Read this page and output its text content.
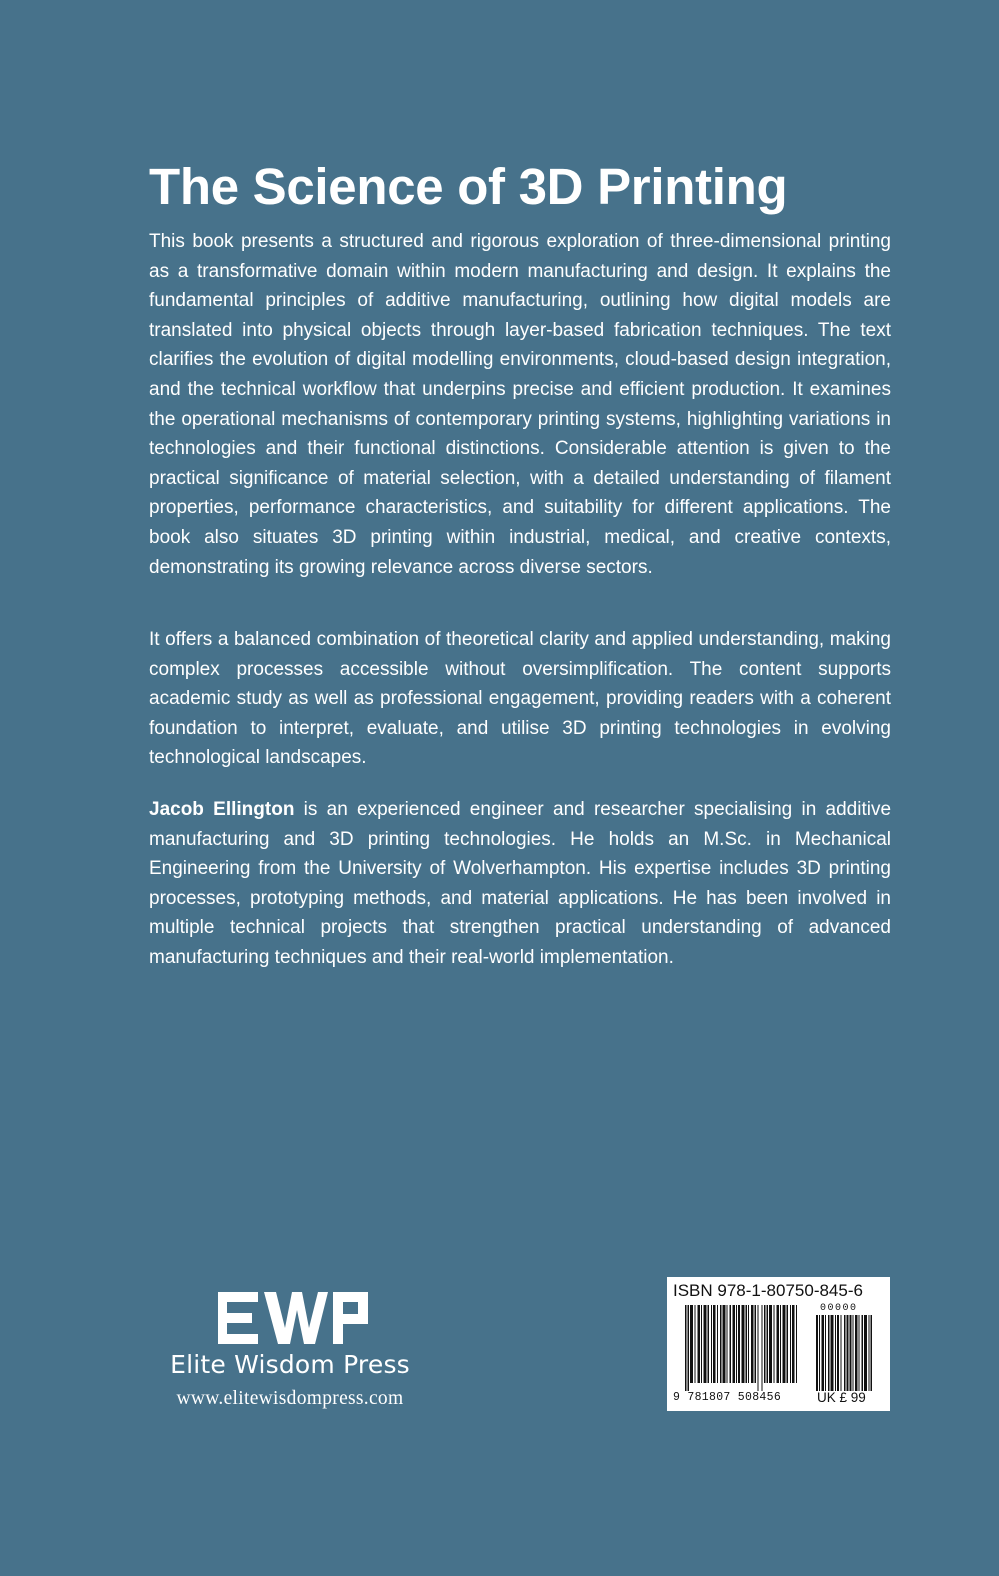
The Science of 3D Printing

This book presents a structured and rigorous exploration of three-dimensional printing as a transformative domain within modern manufacturing and design. It explains the fundamental principles of additive manufacturing, outlining how digital models are translated into physical objects through layer-based fabrication techniques. The text clarifies the evolution of digital modelling environments, cloud-based design integration, and the technical workflow that underpins precise and efficient production. It examines the operational mechanisms of contemporary printing systems, highlighting variations in technologies and their functional distinctions. Considerable attention is given to the practical significance of material selection, with a detailed understanding of filament properties, performance characteristics, and suitability for different applications. The book also situates 3D printing within industrial, medical, and creative contexts, demonstrating its growing relevance across diverse sectors.

It offers a balanced combination of theoretical clarity and applied understanding, making complex processes accessible without oversimplification. The content supports academic study as well as professional engagement, providing readers with a coherent foundation to interpret, evaluate, and utilise 3D printing technologies in evolving technological landscapes.

Jacob Ellington is an experienced engineer and researcher specialising in additive manufacturing and 3D printing technologies. He holds an M.Sc. in Mechanical Engineering from the University of Wolverhampton. His expertise includes 3D printing processes, prototyping methods, and material applications. He has been involved in multiple technical projects that strengthen practical understanding of advanced manufacturing techniques and their real-world implementation.

Elite Wisdom Press
www.elitewisdompress.com
ISBN 978-1-80750-845-6
00000
9 781807 508456	UK £ 99
